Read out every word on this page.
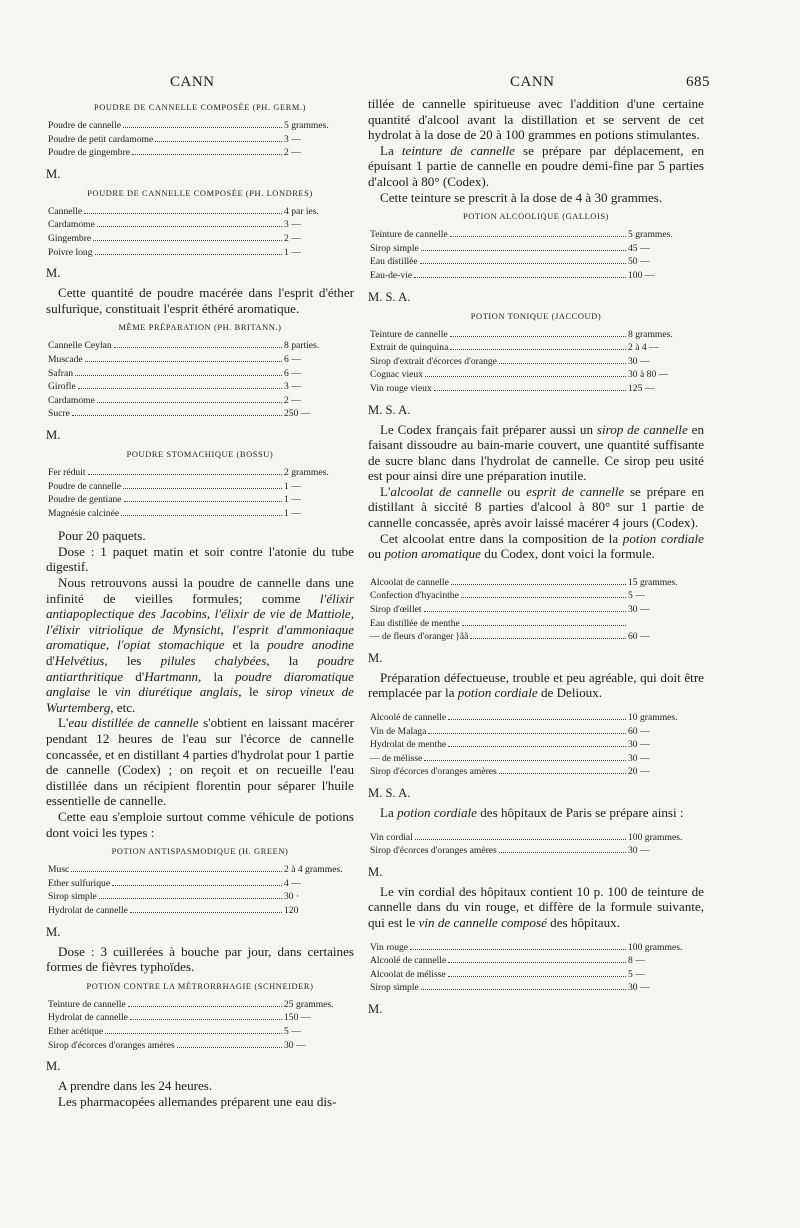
CANN	CANN	685
POUDRE DE CANNELLE COMPOSÉE (PH. GERM.)
Poudre de cannelle	5 grammes.
Poudre de petit cardamome	3 —
Poudre de gingembre	2 —
M.
POUDRE DE CANNELLE COMPOSÉE (PH. LONDRES)
Cannelle	4 par ies.
Cardamome	3 —
Gingembre	2 —
Poivre long	1 —
M.

Cette quantité de poudre macérée dans l'esprit d'éther sulfurique, constituait l'esprit éthéré aromatique.

MÊME PRÉPARATION (PH. BRITANN.)
Cannelle Ceylan	8 parties.
Muscade	6 —
Safran	6 —
Girofle	3 —
Cardamome	2 —
Sucre	250 —
M.
POUDRE STOMACHIQUE (BOSSU)
Fer réduit	2 grammes.
Poudre de cannelle	1 —
Poudre de gentiane	1 —
Magnésie calcinée	1 —

Pour 20 paquets.

Dose : 1 paquet matin et soir contre l'atonie du tube digestif.

Nous retrouvons aussi la poudre de cannelle dans une infinité de vieilles formules; comme l'élixir antiapoplectique des Jacobins, l'élixir de vie de Mattiole, l'élixir vitriolique de Mynsicht, l'esprit d'ammoniaque aromatique, l'opiat stomachique et la poudre anodine d'Helvétius, les pilules chalybées, la poudre antiarthritique d'Hartmann, la poudre diaromatique anglaise le vin diurétique anglais, le sirop vineux de Wurtemberg, etc.

L'eau distillée de cannelle s'obtient en laissant macérer pendant 12 heures de l'eau sur l'écorce de cannelle concassée, et en distillant 4 parties d'hydrolat pour 1 partie de cannelle (Codex) ; on reçoit et on recueille l'eau distillée dans un récipient florentin pour séparer l'huile essentielle de cannelle.

Cette eau s'emploie surtout comme véhicule de potions dont voici les types :

POTION ANTISPASMODIQUE (H. GREEN)
Musc	2 à 4 grammes.
Ether sulfurique	4 —
Sirop simple	30 ·
Hydrolat de cannelle	120
M.

Dose : 3 cuillerées à bouche par jour, dans certaines formes de fièvres typhoïdes.

POTION CONTRE LA MÉTRORRHAGIE (SCHNEIDER)
Teinture de cannelle	25 grammes.
Hydrolat de cannelle	150 —
Ether acétique	5 —
Sirop d'écorces d'oranges amères	30 —
M.

A prendre dans les 24 heures.

Les pharmacopées allemandes préparent une eau dis-

tillée de cannelle spiritueuse avec l'addition d'une certaine quantité d'alcool avant la distillation et se servent de cet hydrolat à la dose de 20 à 100 grammes en potions stimulantes.

La teinture de cannelle se prépare par déplacement, en épuisant 1 partie de cannelle en poudre demi-fine par 5 parties d'alcool à 80° (Codex).

Cette teinture se prescrit à la dose de 4 à 30 grammes.

POTION ALCOOLIQUE (GALLOIS)
Teinture de cannelle	5 grammes.
Sirop simple	45 —
Eau distillée	50 —
Eau-de-vie	100 —
M. S. A.
POTION TONIQUE (JACCOUD)
Teinture de cannelle	8 grammes.
Extrait de quinquina	2 à 4 —
Sirop d'extrait d'écorces d'orange	30 —
Cognac vieux	30 à 80 —
Vin rouge vieux	125 —
M. S. A.

Le Codex français fait préparer aussi un sirop de cannelle en faisant dissoudre au bain-marie couvert, une quantité suffisante de sucre blanc dans l'hydrolat de cannelle. Ce sirop peu usité est pour ainsi dire une préparation inutile.

L'alcoolat de cannelle ou esprit de cannelle se prépare en distillant à siccité 8 parties d'alcool à 80° sur 1 partie de cannelle concassée, après avoir laissé macérer 4 jours (Codex).

Cet alcoolat entre dans la composition de la potion cordiale ou potion aromatique du Codex, dont voici la formule.

Alcoolat de cannelle	15 grammes.
Confection d'hyacinthe	5 —
Sirop d'œillet	30 —
Eau distillée de menthe
— de fleurs d'oranger } ãã	60 —
M.

Préparation défectueuse, trouble et peu agréable, qui doit être remplacée par la potion cordiale de Delioux.

Alcoolé de cannelle	10 grammes.
Vin de Malaga	60 —
Hydrolat de menthe	30 —
— de mélisse	30 —
Sirop d'écorces d'oranges amères	20 —
M. S. A.

La potion cordiale des hôpitaux de Paris se prépare ainsi :

Vin cordial	100 grammes.
Sirop d'écorces d'oranges amères	30 —
M.

Le vin cordial des hôpitaux contient 10 p. 100 de teinture de cannelle dans du vin rouge, et diffère de la formule suivante, qui est le vin de cannelle composé des hôpitaux.

Vin rouge	100 grammes.
Alcoolé de cannelle	8 —
Alcoolat de mélisse	5 —
Sirop simple	30 —
M.
